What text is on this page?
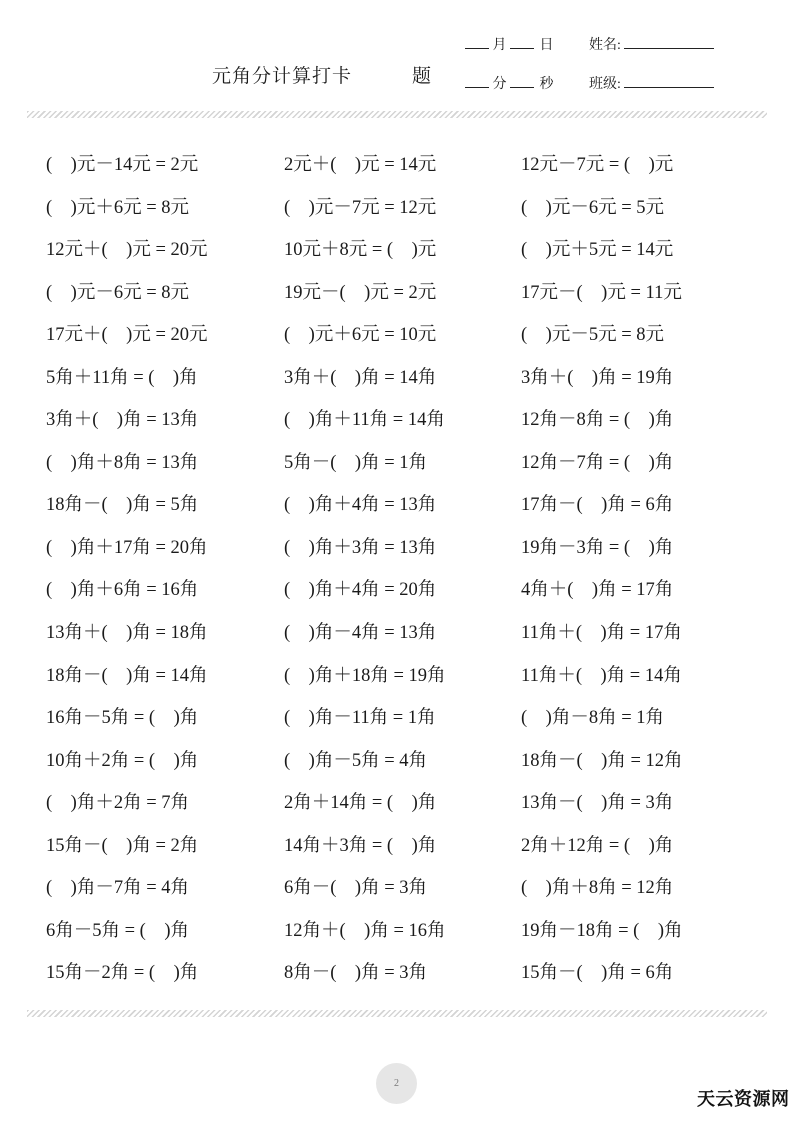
元角分计算打卡	题
月 日	姓名:
分 秒	班级:
(    )元－14元 = 2元	2元＋(    )元 = 14元	12元－7元 = (    )元
(    )元＋6元 = 8元	(    )元－7元 = 12元	(    )元－6元 = 5元
12元＋(    )元 = 20元	10元＋8元 = (    )元	(    )元＋5元 = 14元
(    )元－6元 = 8元	19元－(    )元 = 2元	17元－(    )元 = 11元
17元＋(    )元 = 20元	(    )元＋6元 = 10元	(    )元－5元 = 8元
5角＋11角 = (    )角	3角＋(    )角 = 14角	3角＋(    )角 = 19角
3角＋(    )角 = 13角	(    )角＋11角 = 14角	12角－8角 = (    )角
(    )角＋8角 = 13角	5角－(    )角 = 1角	12角－7角 = (    )角
18角－(    )角 = 5角	(    )角＋4角 = 13角	17角－(    )角 = 6角
(    )角＋17角 = 20角	(    )角＋3角 = 13角	19角－3角 = (    )角
(    )角＋6角 = 16角	(    )角＋4角 = 20角	4角＋(    )角 = 17角
13角＋(    )角 = 18角	(    )角－4角 = 13角	11角＋(    )角 = 17角
18角－(    )角 = 14角	(    )角＋18角 = 19角	11角＋(    )角 = 14角
16角－5角 = (    )角	(    )角－11角 = 1角	(    )角－8角 = 1角
10角＋2角 = (    )角	(    )角－5角 = 4角	18角－(    )角 = 12角
(    )角＋2角 = 7角	2角＋14角 = (    )角	13角－(    )角 = 3角
15角－(    )角 = 2角	14角＋3角 = (    )角	2角＋12角 = (    )角
(    )角－7角 = 4角	6角－(    )角 = 3角	(    )角＋8角 = 12角
6角－5角 = (    )角	12角＋(    )角 = 16角	19角－18角 = (    )角
15角－2角 = (    )角	8角－(    )角 = 3角	15角－(    )角 = 6角
2
天云资源网
